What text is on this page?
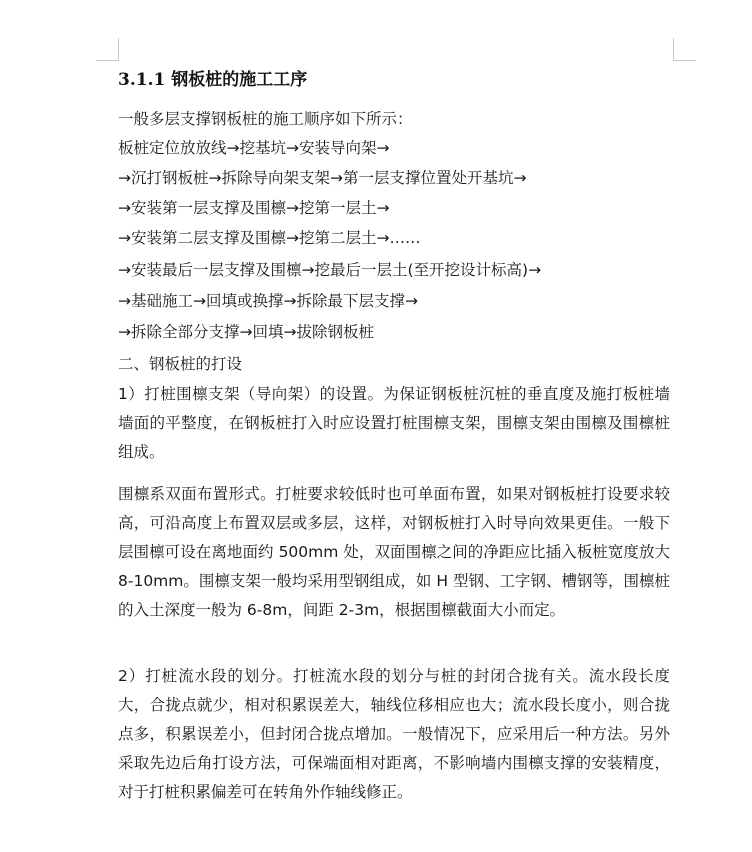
3.1.1 钢板桩的施工工序
一般多层支撑钢板桩的施工顺序如下所示：
板桩定位放放线→挖基坑→安装导向架→
→沉打钢板桩→拆除导向架支架→第一层支撑位置处开基坑→
→安装第一层支撑及围檩→挖第一层土→
→安装第二层支撑及围檩→挖第二层土→……
→安装最后一层支撑及围檩→挖最后一层土(至开挖设计标高)→
→基础施工→回填或换撑→拆除最下层支撑→
→拆除全部分支撑→回填→拔除钢板桩
二、钢板桩的打设
1）打桩围檩支架（导向架）的设置。为保证钢板桩沉桩的垂直度及施打板桩墙墙面的平整度，在钢板桩打入时应设置打桩围檩支架，围檩支架由围檩及围檩桩组成。
围檩系双面布置形式。打桩要求较低时也可单面布置，如果对钢板桩打设要求较高，可沿高度上布置双层或多层，这样，对钢板桩打入时导向效果更佳。一般下层围檩可设在离地面约 500mm 处，双面围檩之间的净距应比插入板桩宽度放大 8-10mm。围檩支架一般均采用型钢组成，如 H 型钢、工字钢、槽钢等，围檩桩的入土深度一般为 6-8m，间距 2-3m，根据围檩截面大小而定。
2）打桩流水段的划分。打桩流水段的划分与桩的封闭合拢有关。流水段长度大，合拢点就少，相对积累误差大，轴线位移相应也大；流水段长度小，则合拢点多，积累误差小，但封闭合拢点增加。一般情况下，应采用后一种方法。另外采取先边后角打设方法，可保端面相对距离，不影响墙内围檩支撑的安装精度，对于打桩积累偏差可在转角外作轴线修正。
